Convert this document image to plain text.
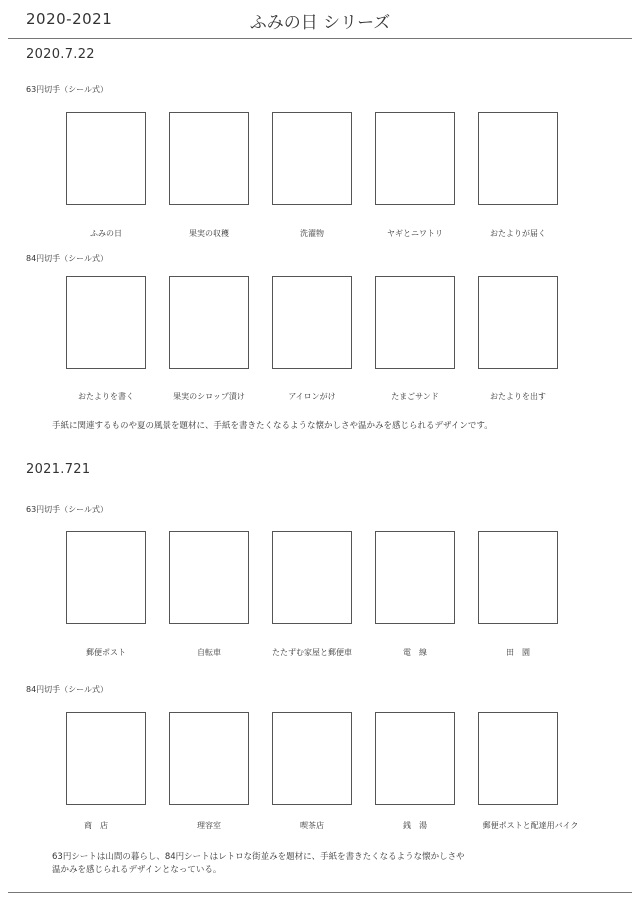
2020-2021	ふみの日 シリーズ
2020.7.22
63円切手（シール式）
ふみの日	果実の収穫	洗濯物	ヤギとニワトリ	おたよりが届く
84円切手（シール式）
おたよりを書く	果実のシロップ漬け	アイロンがけ	たまごサンド	おたよりを出す
手紙に関連するものや夏の風景を題材に、手紙を書きたくなるような懐かしさや温かみを感じられるデザインです。
2021.721
63円切手（シール式）
郵便ポスト	自転車	たたずむ家屋と郵便車	電　線	田　園
84円切手（シール式）
商　店	理容室	喫茶店	銭　湯	郵便ポストと配達用バイク
63円シートは山間の暮らし、84円シートはレトロな街並みを題材に、手紙を書きたくなるような懐かしさや
温かみを感じられるデザインとなっている。
